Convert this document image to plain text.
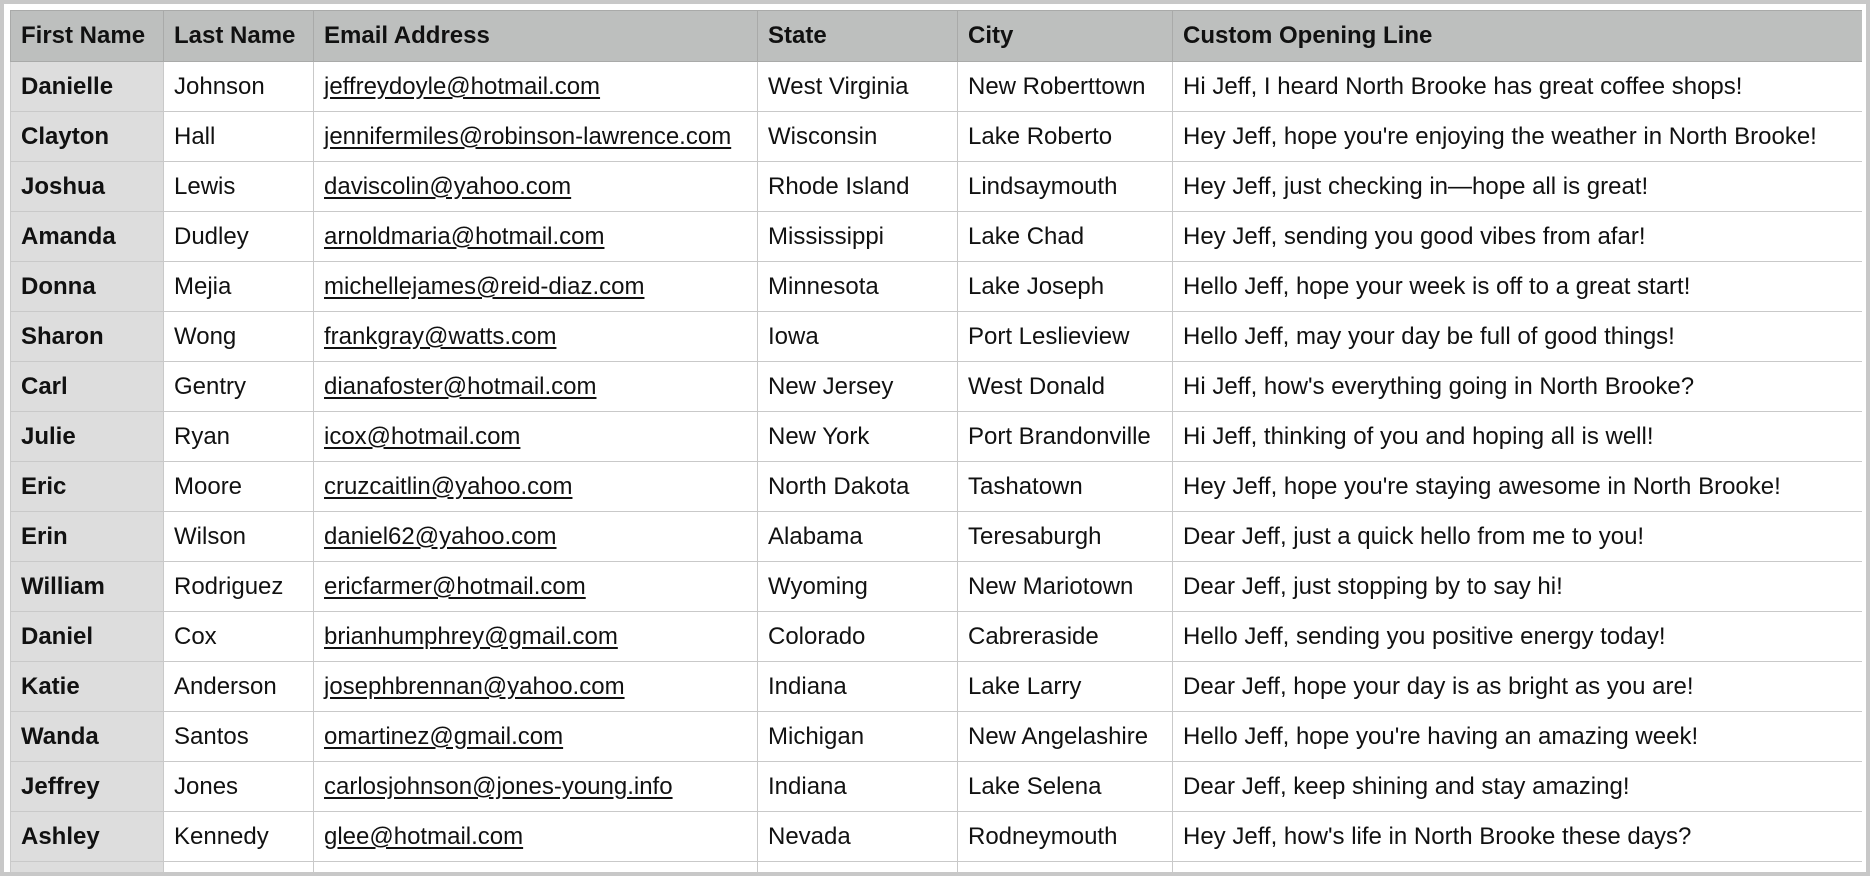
First Name	Last Name	Email Address	State	City	Custom Opening Line
Danielle	Johnson	jeffreydoyle@hotmail.com	West Virginia	New Roberttown	Hi Jeff, I heard North Brooke has great coffee shops!
Clayton	Hall	jennifermiles@robinson-lawrence.com	Wisconsin	Lake Roberto	Hey Jeff, hope you're enjoying the weather in North Brooke!
Joshua	Lewis	daviscolin@yahoo.com	Rhode Island	Lindsaymouth	Hey Jeff, just checking in—hope all is great!
Amanda	Dudley	arnoldmaria@hotmail.com	Mississippi	Lake Chad	Hey Jeff, sending you good vibes from afar!
Donna	Mejia	michellejames@reid-diaz.com	Minnesota	Lake Joseph	Hello Jeff, hope your week is off to a great start!
Sharon	Wong	frankgray@watts.com	Iowa	Port Leslieview	Hello Jeff, may your day be full of good things!
Carl	Gentry	dianafoster@hotmail.com	New Jersey	West Donald	Hi Jeff, how's everything going in North Brooke?
Julie	Ryan	icox@hotmail.com	New York	Port Brandonville	Hi Jeff, thinking of you and hoping all is well!
Eric	Moore	cruzcaitlin@yahoo.com	North Dakota	Tashatown	Hey Jeff, hope you're staying awesome in North Brooke!
Erin	Wilson	daniel62@yahoo.com	Alabama	Teresaburgh	Dear Jeff, just a quick hello from me to you!
William	Rodriguez	ericfarmer@hotmail.com	Wyoming	New Mariotown	Dear Jeff, just stopping by to say hi!
Daniel	Cox	brianhumphrey@gmail.com	Colorado	Cabreraside	Hello Jeff, sending you positive energy today!
Katie	Anderson	josephbrennan@yahoo.com	Indiana	Lake Larry	Dear Jeff, hope your day is as bright as you are!
Wanda	Santos	omartinez@gmail.com	Michigan	New Angelashire	Hello Jeff, hope you're having an amazing week!
Jeffrey	Jones	carlosjohnson@jones-young.info	Indiana	Lake Selena	Dear Jeff, keep shining and stay amazing!
Ashley	Kennedy	glee@hotmail.com	Nevada	Rodneymouth	Hey Jeff, how's life in North Brooke these days?
